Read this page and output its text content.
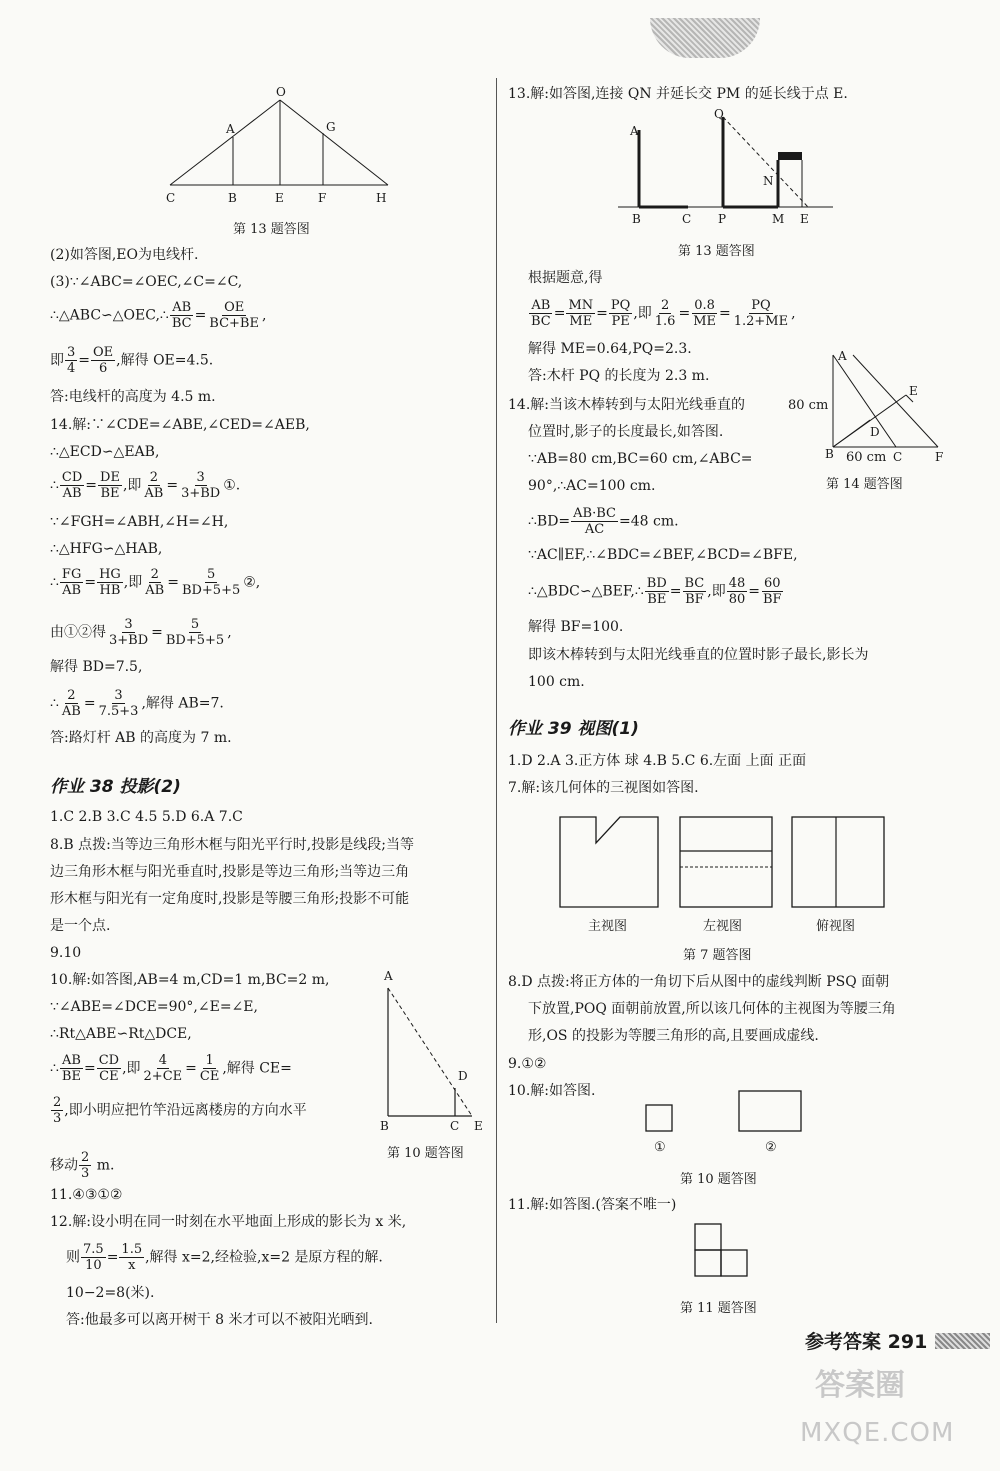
O
A	G
C	B	E	F	H
第 13 题答图
(2)如答图,EO为电线杆.
(3)∵∠ABC=∠OEC,∠C=∠C,
∴△ABC∽△OEC,∴ $\frac{AB}{BC} = \frac{OE}{BC+BE}$ ,
即 $\frac{3}{4} = \frac{OE}{6}$ ,解得 OE=4.5.
答:电线杆的高度为 4.5 m.
14.解:∵∠CDE=∠ABE,∠CED=∠AEB,
∴△ECD∽△EAB,
∴ $\frac{CD}{AB} = \frac{DE}{BE}$ ,即 $\frac{2}{AB} = \frac{3}{3+BD}$ ①.
∵∠FGH=∠ABH,∠H=∠H,
∴△HFG∽△HAB,
∴ $\frac{FG}{AB} = \frac{HG}{HB}$ ,即 $\frac{2}{AB} = \frac{5}{BD+5+5}$ ②,
由①②得 $\frac{3}{3+BD} = \frac{5}{BD+5+5}$ ,
解得 BD=7.5,
∴ $\frac{2}{AB} = \frac{3}{7.5+3}$ ,解得 AB=7.
答:路灯杆 AB 的高度为 7 m.
作业 38 投影(2)
1.C 2.B 3.C 4.5 5.D 6.A 7.C
8.B 点拨:当等边三角形木框与阳光平行时,投影是线段;当等
边三角形木框与阳光垂直时,投影是等边三角形;当等边三角
形木框与阳光有一定角度时,投影是等腰三角形;投影不可能
是一个点.
9.10
10.解:如答图,AB=4 m,CD=1 m,BC=2 m,
∵∠ABE=∠DCE=90°,∠E=∠E,
∴Rt△ABE∽Rt△DCE,
∴ $\frac{AB}{BE} = \frac{CD}{CE}$ ,即 $\frac{4}{2+CE} = \frac{1}{CE}$ ,解得 CE=
$\frac{2}{3}$ ,即小明应把竹竿沿远离楼房的方向水平
移动 $\frac{2}{3} m$.
A
D
B	C E
第 10 题答图
11.④③①②
12.解:设小明在同一时刻在水平地面上形成的影长为 x 米,
则 $\frac{7.5}{10} = \frac{1.5}{x}$ ,解得 x=2,经检验,x=2 是原方程的解.
10−2=8(米).
答:他最多可以离开树干 8 米才可以不被阳光晒到.
13.解:如答图,连接 QN 并延长交 PM 的延长线于点 E.
A
Q
N
B	C P	M E
第 13 题答图
根据题意,得
$\frac{AB}{BC} = \frac{MN}{ME} = \frac{PQ}{PE}$ ,即 $\frac{2}{1.6} = \frac{0.8}{ME} = \frac{PQ}{1.2+ME}$ ,
解得 ME=0.64,PQ=2.3.
答:木杆 PQ 的长度为 2.3 m.
A
E
D
B	C	F
80 cm
60 cm
第 14 题答图
14.解:当该木棒转到与太阳光线垂直的
位置时,影子的长度最长,如答图.
∵AB=80 cm,BC=60 cm,∠ABC=
90°,∴AC=100 cm.
∴BD= $\frac{AB\cdot BC}{AC} =48$ cm.
∵AC∥EF,∴∠BDC=∠BEF,∠BCD=∠BFE,
∴△BDC∽△BEF,∴ $\frac{BD}{BE} = \frac{BC}{BF}$ ,即 $\frac{48}{80} = \frac{60}{BF}$
解得 BF=100.
即该木棒转到与太阳光线垂直的位置时影子最长,影长为
100 cm.
作业 39 视图(1)
1.D 2.A 3.正方体 球 4.B 5.C 6.左面 上面 正面
7.解:该几何体的三视图如答图.
主视图	左视图	俯视图
第 7 题答图
8.D 点拨:将正方体的一角切下后从图中的虚线判断 PSQ 面朝
下放置,POQ 面朝前放置,所以该几何体的主视图为等腰三角
形,OS 的投影为等腰三角形的高,且要画成虚线.
9.①②
10.解:如答图.
①	②
第 10 题答图
11.解:如答图.(答案不唯一)
第 11 题答图
参考答案 291
答案圈
MXQE.COM
